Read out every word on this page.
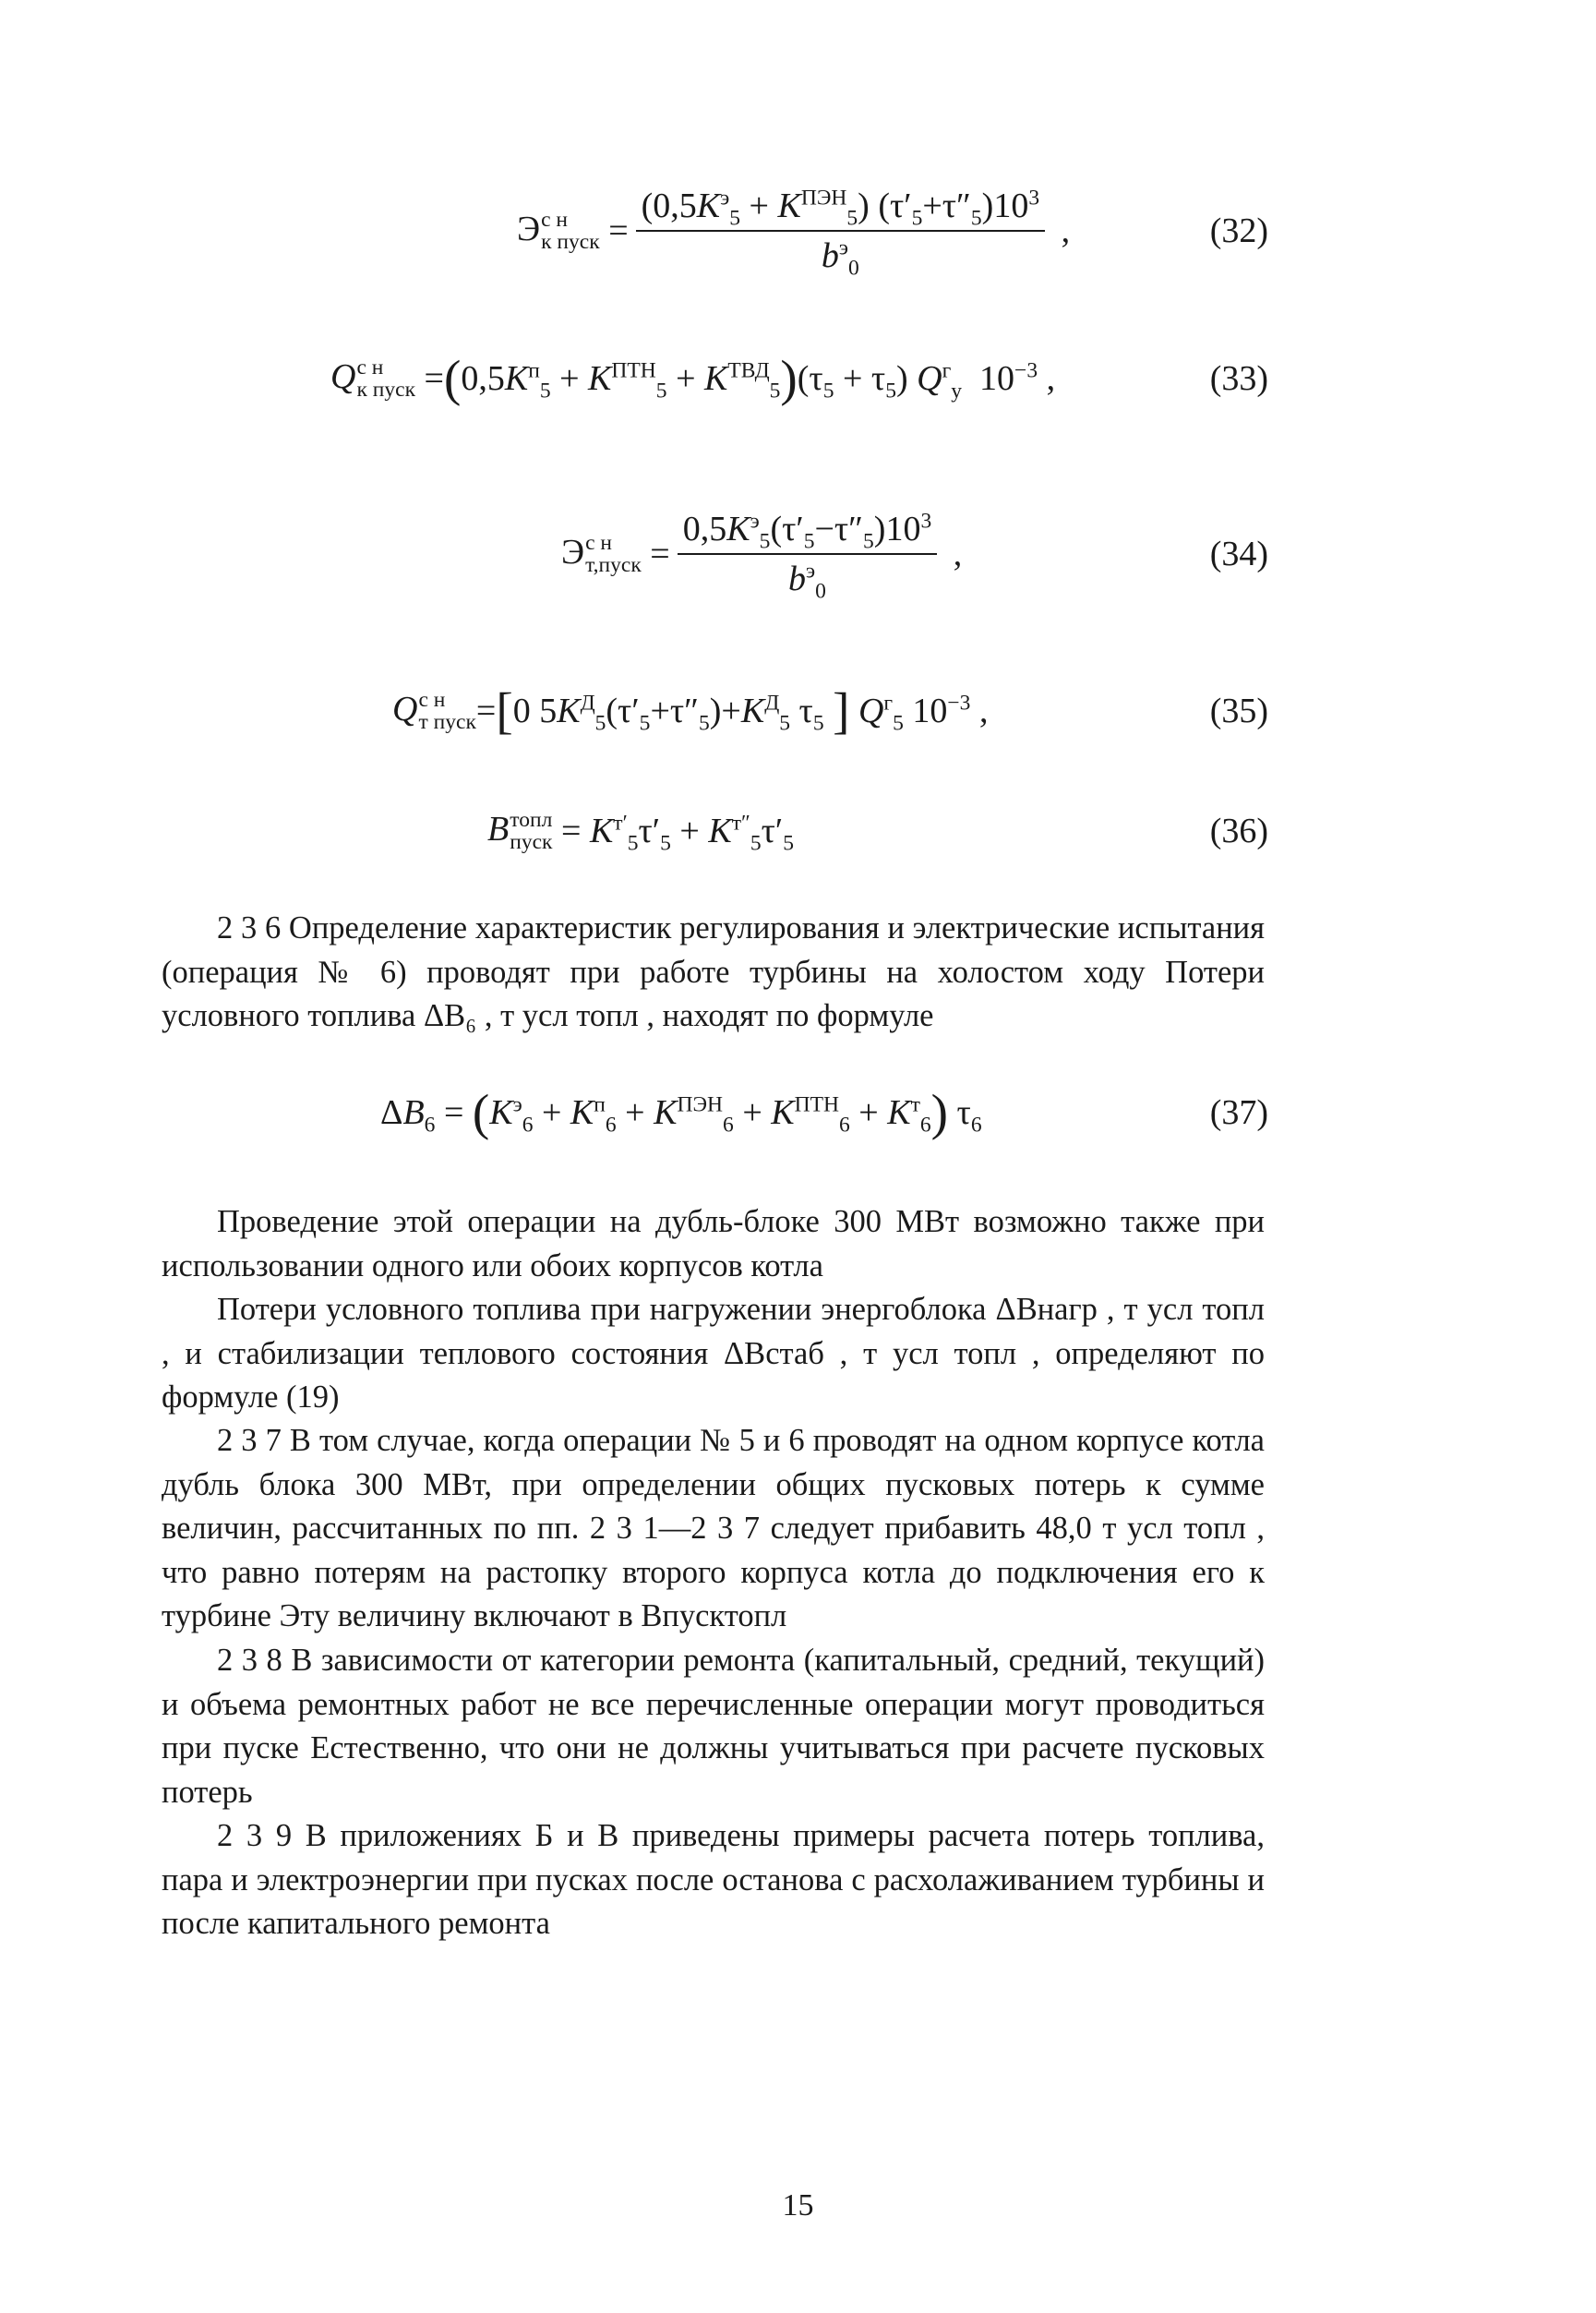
Э с н
к пуск = $\frac{(0,5K^э_5 + K^{ПЭН}_5) (\tau'_5+\tau''_5)10^3}{b^э_0}$ ,	(32)
Q с н
к пуск = ( $0,5K^п_5 + K^{ПТН}_5 + K^{ТВД}_5$ ) $(\tau_5 + \tau_5)$ $Q^г_у$  $10^{-3}$ ,	(33)
Э с н
т,пуск = $\frac{0,5K^э_5(\tau'_5-\tau''_5)10^3}{b^э_0}$ ,	(34)
Q с н
т пуск = [ 0 $5K^Д_5(\tau'_5+\tau''_5)+K^Д_5$ $\tau_5$ ] $Q^г_5$ $10^{-3}$ ,	(35)
B топл
пуск = $K^{т'}_5\tau'_5 + K^{т''}_5\tau'_5$	(36)

2 3 6 Определение характеристик регулирования и электрические испытания (операция № 6) проводят при работе турбины на холостом ходу Потери условного топлива ΔB₆ , т усл топл , находят по формуле

$\Delta B_6$ = ( $K^э_6 + K^п_6 + K^{ПЭН}_6 + K^{ПТН}_6 + K^т_6$ ) $\tau_6$	(37)

Проведение этой операции на дубль-блоке 300 МВт возможно также при использовании одного или обоих корпусов котла

Потери условного топлива при нагружении энергоблока ΔBнагр , т усл топл , и стабилизации теплового состояния ΔBстаб , т усл топл , определяют по формуле (19)

2 3 7 В том случае, когда операции № 5 и 6 проводят на одном корпусе котла дубль блока 300 МВт, при определении общих пусковых потерь к сумме величин, рассчитанных по пп. 2 3 1—2 3 7 следует прибавить 48,0 т усл топл , что равно потерям на растопку второго корпуса котла до подключения его к турбине Эту величину включают в Bпусктопл

2 3 8 В зависимости от категории ремонта (капитальный, средний, текущий) и объема ремонтных работ не все перечисленные операции могут проводиться при пуске Естественно, что они не должны учитываться при расчете пусковых потерь

2 3 9 В приложениях Б и В приведены примеры расчета потерь топлива, пара и электроэнергии при пусках после останова с расхолаживанием турбины и после капитального ремонта

15
